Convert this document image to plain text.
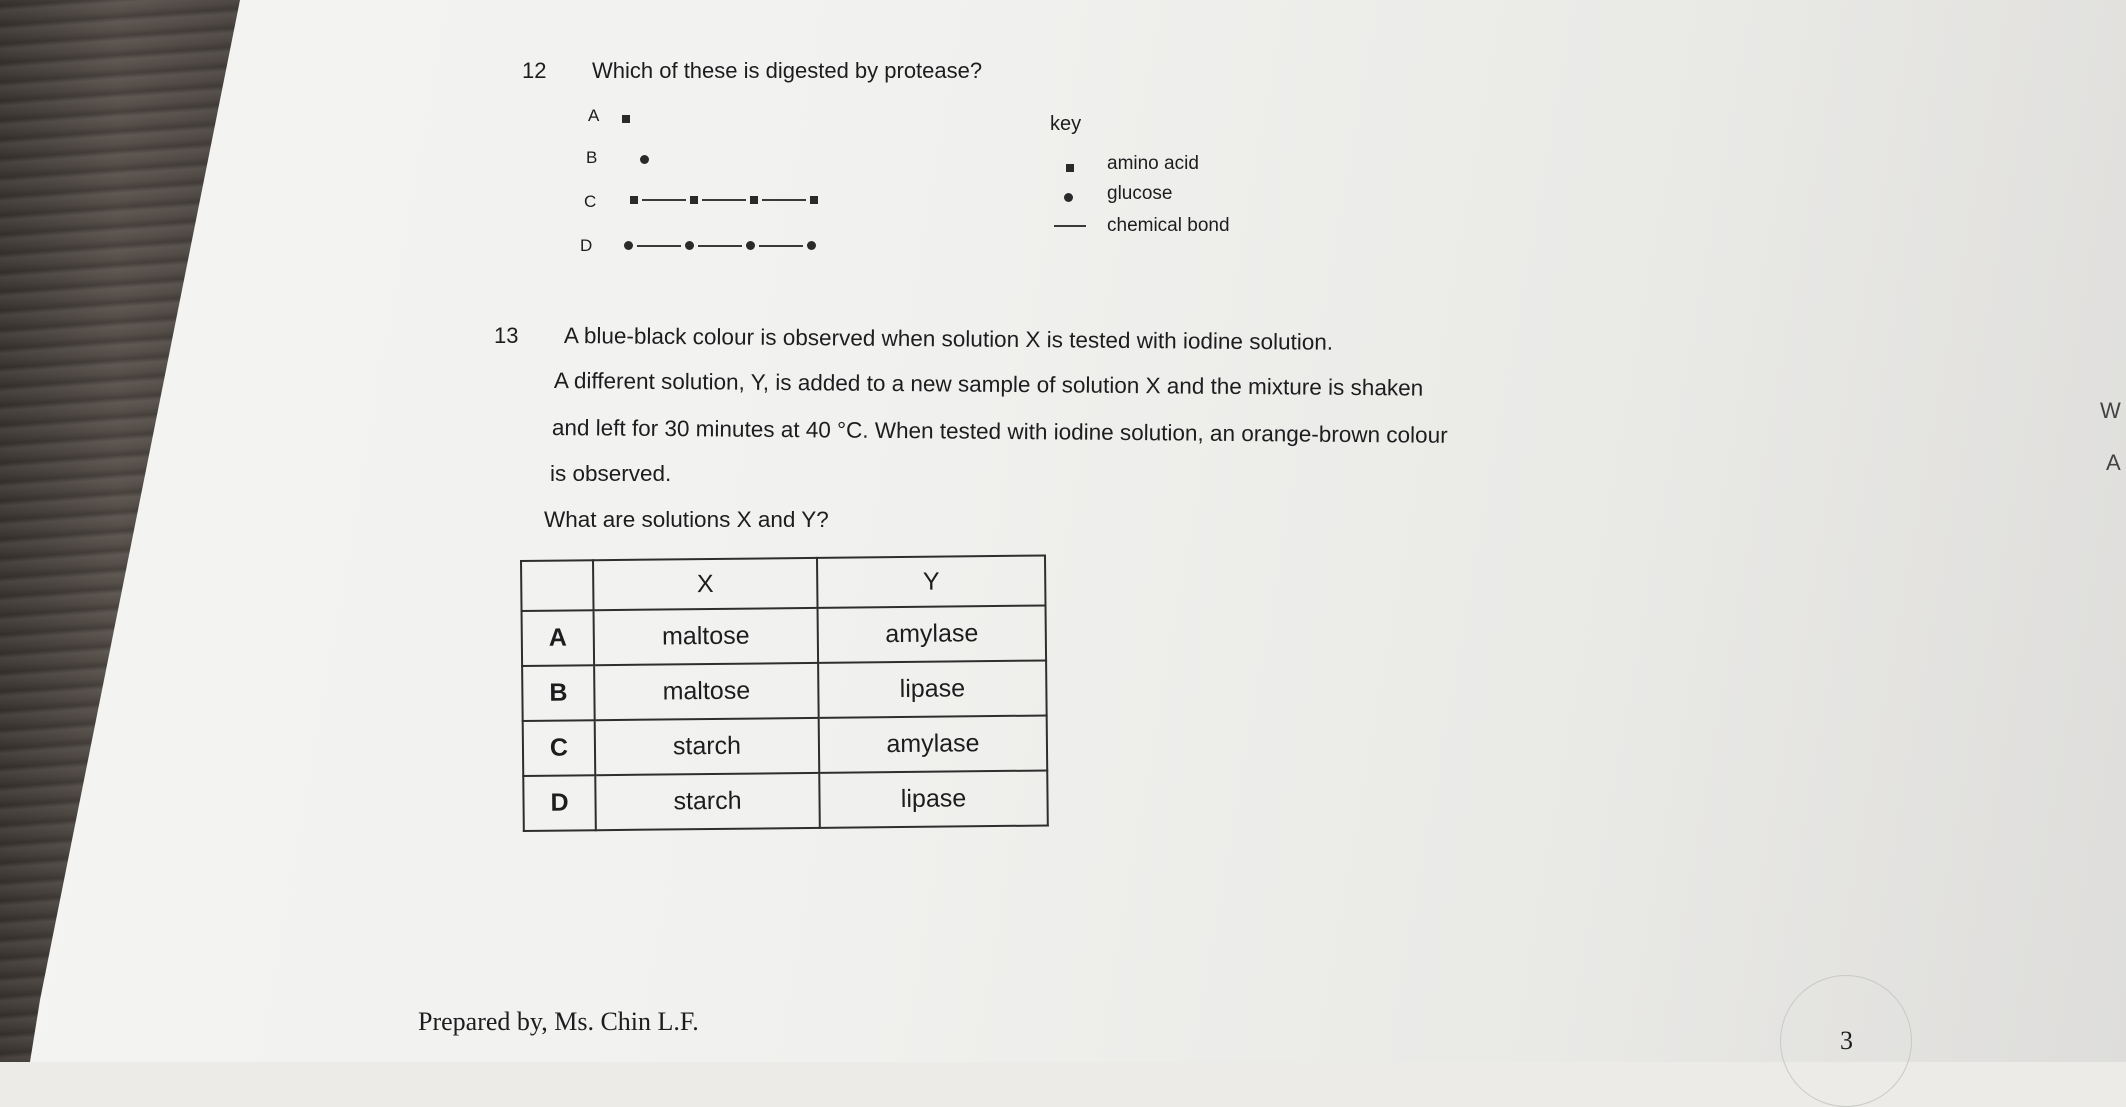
12 Which of these is digested by protease?
A
B
C
D
key
amino acid
glucose
chemical bond
13 A blue-black colour is observed when solution X is tested with iodine solution.
A different solution, Y, is added to a new sample of solution X and the mixture is shaken
and left for 30 minutes at 40 °C. When tested with iodine solution, an orange-brown colour
is observed.
What are solutions X and Y?
	X	Y
A	maltose	amylase
B	maltose	lipase
C	starch	amylase
D	starch	lipase
Prepared by, Ms. Chin L.F.
3
W
A
